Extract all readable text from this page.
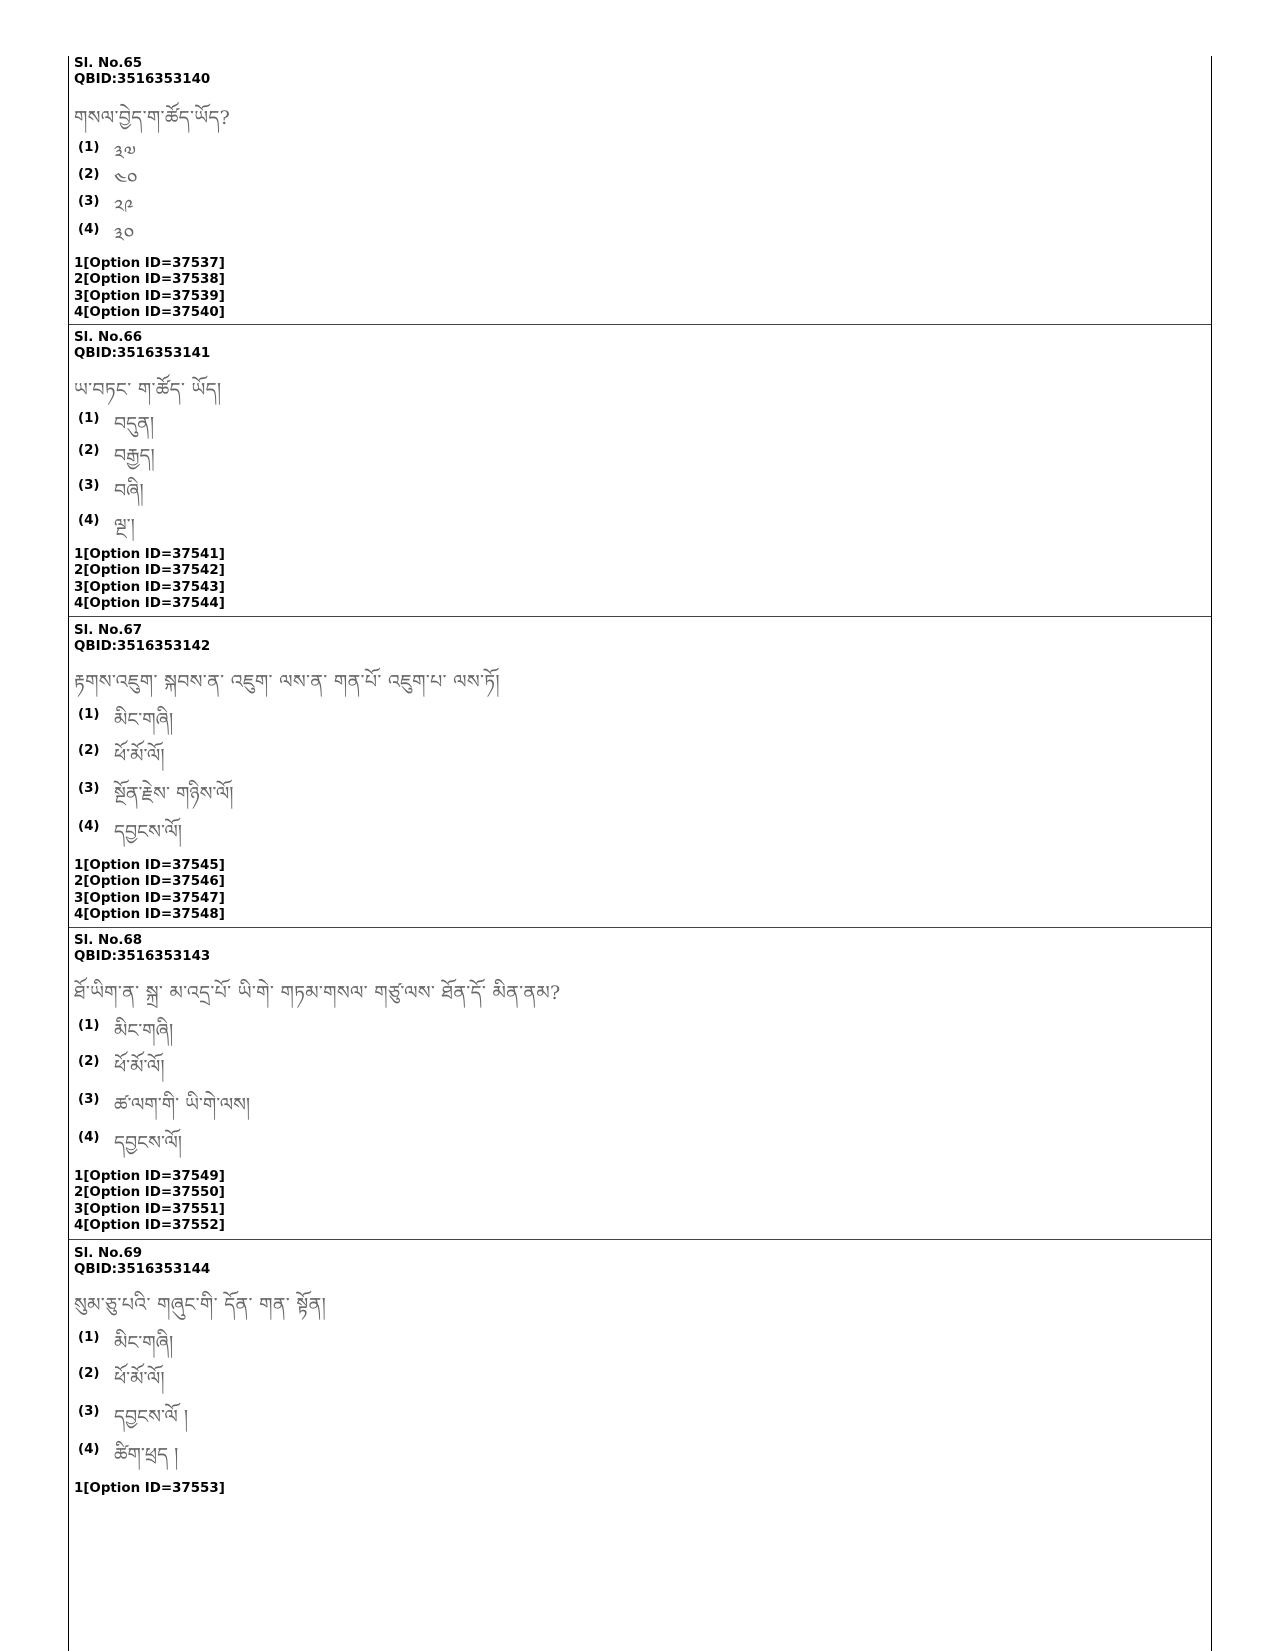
Sl. No.65
QBID:3516353140
གསལ་བྱེད་ག་ཚོད་ཡོད?
(1) ༣༧
(2) ༤༠
(3) ༢༩
(4) ༣༠
1[Option ID=37537]
2[Option ID=37538]
3[Option ID=37539]
4[Option ID=37540]
Sl. No.66
QBID:3516353141
ཡ་བཏང་ ག་ཚོད་ ཡོད།
(1) བདུན།
(2) བརྒྱད།
(3) བཞི།
(4) ལྔ་།
1[Option ID=37541]
2[Option ID=37542]
3[Option ID=37543]
4[Option ID=37544]
Sl. No.67
QBID:3516353142
རྟགས་འཇུག་ སྐབས་ན་ འཇུག་ ལས་ན་ གན་པོ་ འཇུག་པ་ ལས་ཏོ།
(1) མིང་གཞི།
(2) ཕོ་མོ་ལོ།
(3) སྔོན་རྗེས་ གཉིས་ལོ།
(4) དབྱངས་ལོ།
1[Option ID=37545]
2[Option ID=37546]
3[Option ID=37547]
4[Option ID=37548]
Sl. No.68
QBID:3516353143
ཐོ་ཡིག་ན་ སྐྲ་ མ་འདྲ་པོ་ ཡི་གེ་ གཏམ་གསལ་ གཙུ་ལས་ ཐོན་དོ་ མིན་ནམ?
(1) མིང་གཞི།
(2) ཕོ་མོ་ལོ།
(3) ཚ་ལག་གི་ ཡི་གེ་ལས།
(4) དབྱངས་ལོ།
1[Option ID=37549]
2[Option ID=37550]
3[Option ID=37551]
4[Option ID=37552]
Sl. No.69
QBID:3516353144
སུམ་ཅུ་པའི་ གཞུང་གི་ དོན་ གན་ སྟོན།
(1) མིང་གཞི།
(2) ཕོ་མོ་ལོ།
(3) དབྱངས་ལོ །
(4) ཚིག་ཕྲད །
1[Option ID=37553]
